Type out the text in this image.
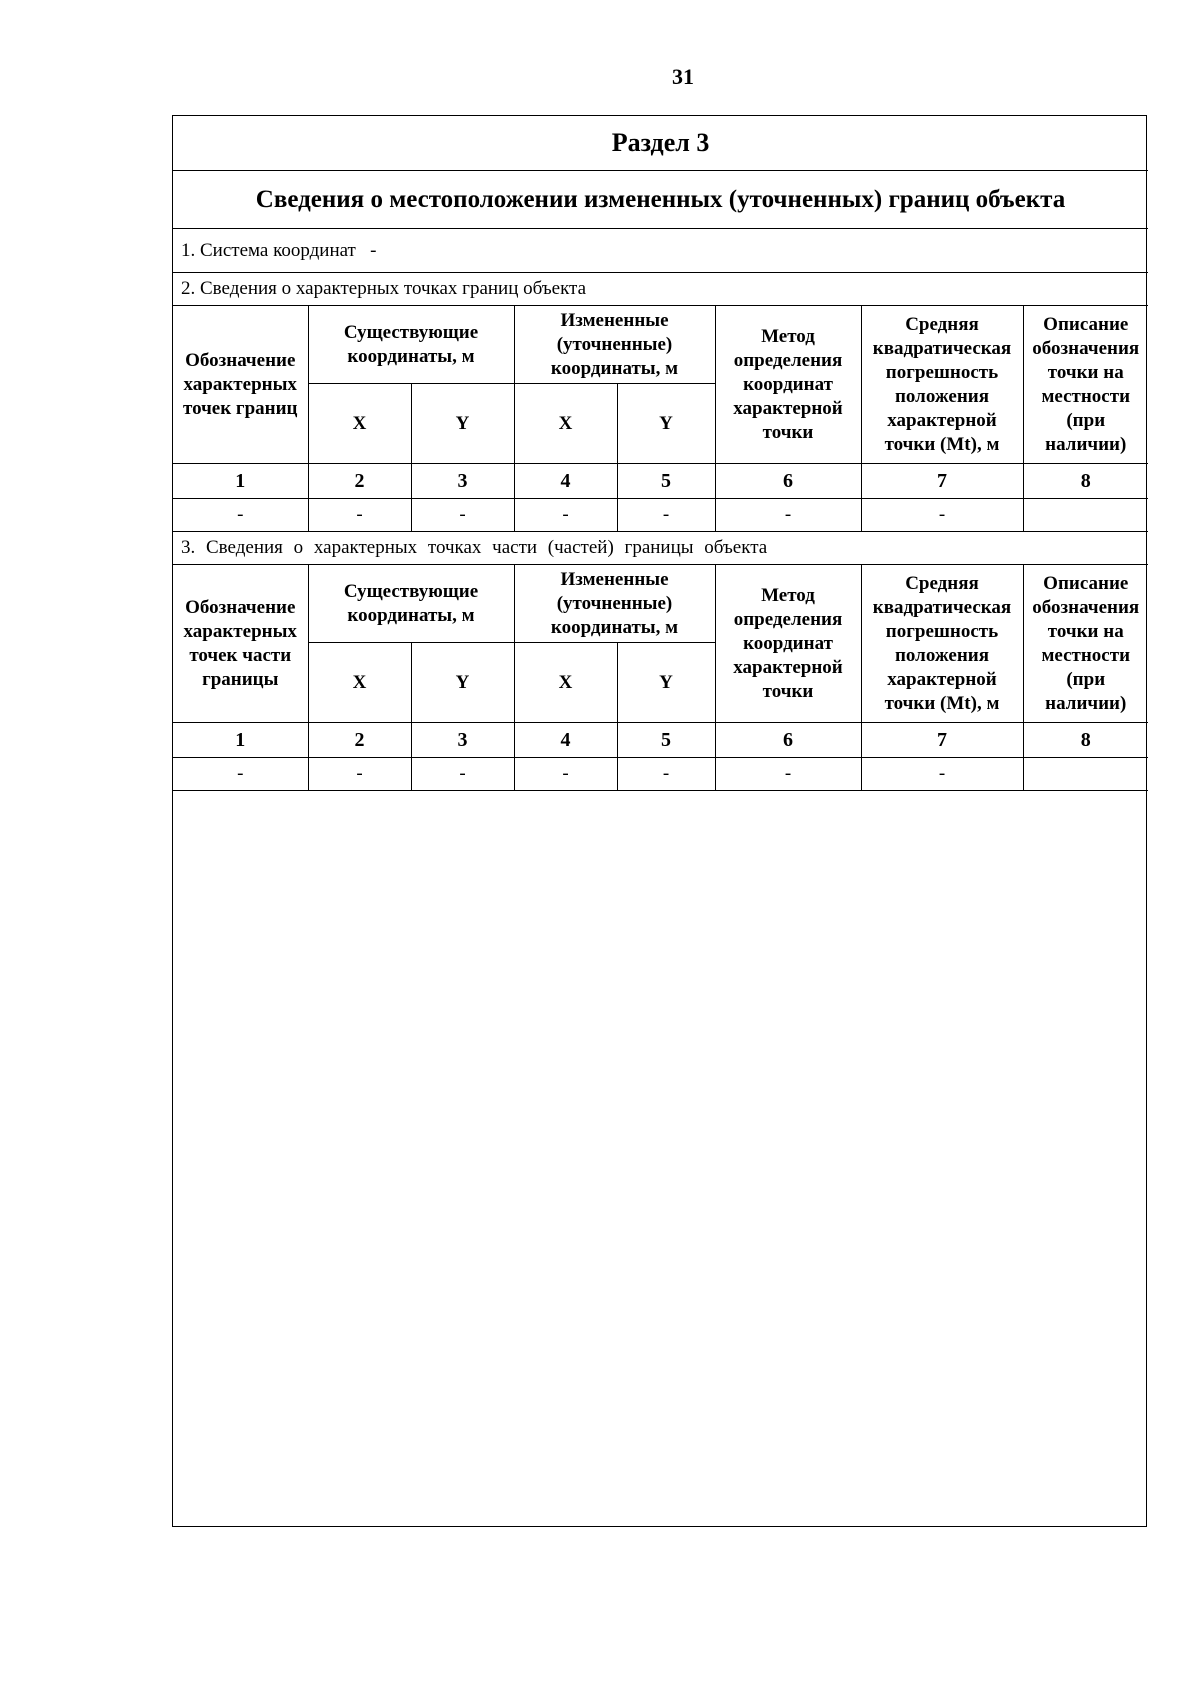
31
Раздел 3							
Сведения о местоположении измененных (уточненных) границ объекта							
1. Система координат   -							
2. Сведения о характерных точках границ объекта							
Обозначение характерных точек границ	Существующие координаты, м		Измененные (уточненные) координаты, м		Метод определения координат характерной точки	Средняя квадратическая погрешность положения характерной точки (Mt), м	Описание обозначения точки на местности (при наличии)
	X	Y	X	Y			
1	2	3	4	5	6	7	8
-	-	-	-	-	-	-	
3. Сведения о характерных точках части (частей) границы объекта							
Обозначение характерных точек части границы	Существующие координаты, м		Измененные (уточненные) координаты, м		Метод определения координат характерной точки	Средняя квадратическая погрешность положения характерной точки (Mt), м	Описание обозначения точки на местности (при наличии)
	X	Y	X	Y			
1	2	3	4	5	6	7	8
-	-	-	-	-	-	-	
